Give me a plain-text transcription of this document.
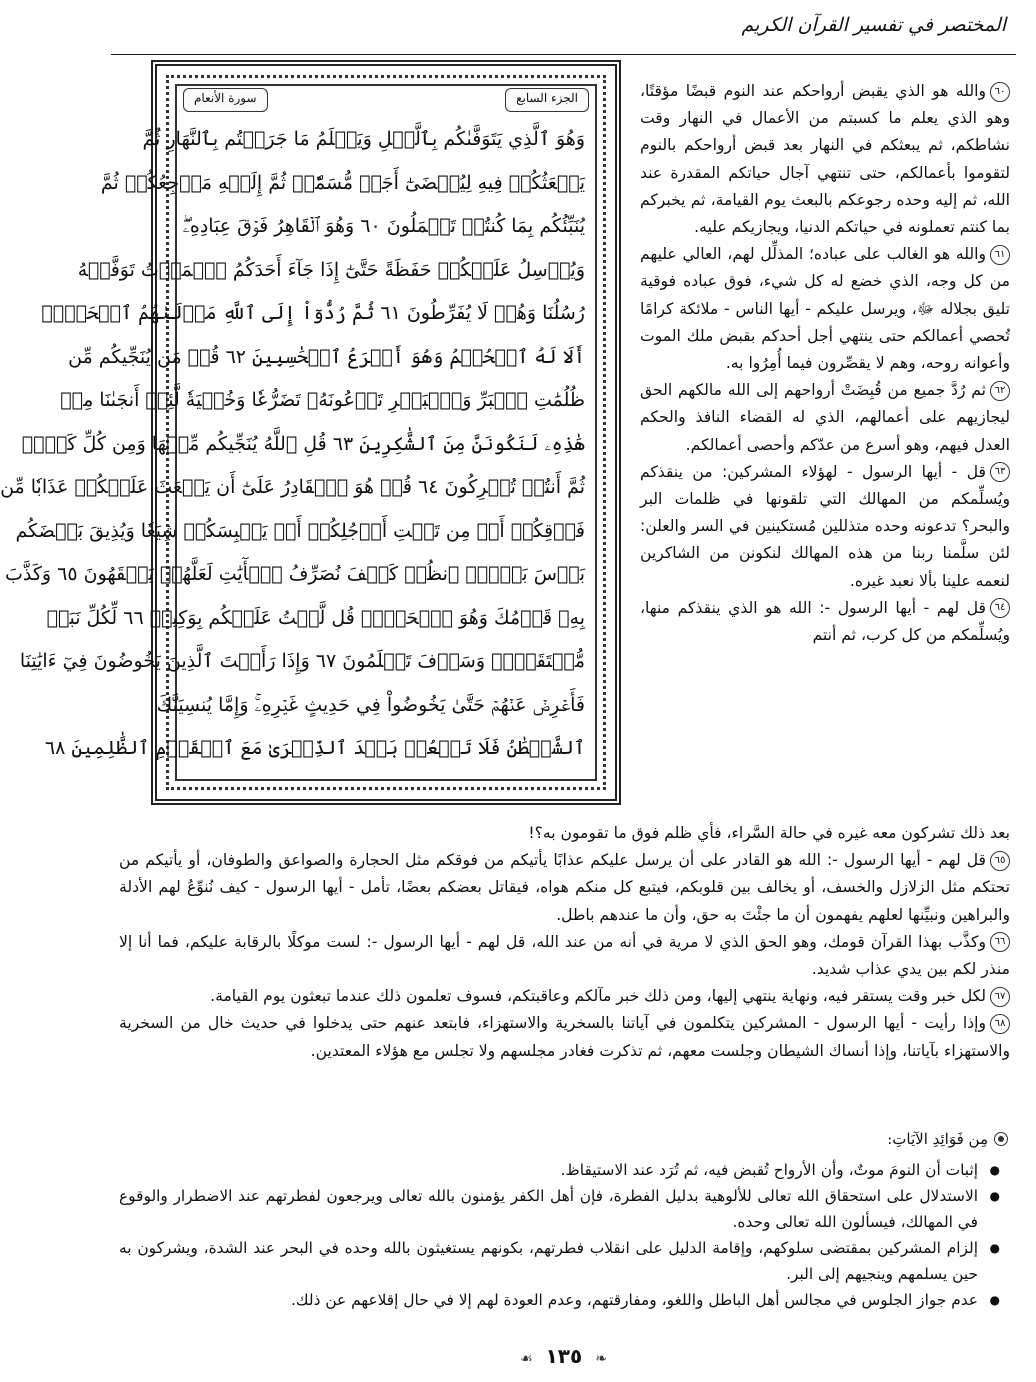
المختصر في تفسير القرآن الكريم
الجزء السابع
سورة الأنعام
وَهُوَ ٱلَّذِي يَتَوَفَّىٰكُم بِٱلَّيۡلِ وَيَعۡلَمُ مَا جَرَحۡتُم بِٱلنَّهَارِ ثُمَّ
يَبۡعَثُكُمۡ فِيهِ لِيُقۡضَىٰٓ أَجَلٞ مُّسَمّٗىۖ ثُمَّ إِلَيۡهِ مَرۡجِعُكُمۡ ثُمَّ
يُنَبِّئُكُم بِمَا كُنتُمۡ تَعۡمَلُونَ ٦٠ وَهُوَ ٱلۡقَاهِرُ فَوۡقَ عِبَادِهِۦۖ
وَيُرۡسِلُ عَلَيۡكُمۡ حَفَظَةً حَتَّىٰٓ إِذَا جَآءَ أَحَدَكُمُ ٱلۡمَوۡتُ تَوَفَّتۡهُ
رُسُلُنَا وَهُمۡ لَا يُفَرِّطُونَ ٦١ ثُمَّ رُدُّوٓاْ إِلَى ٱللَّهِ مَوۡلَىٰهُمُ ٱلۡحَقِّۚ
أَلَا لَهُ ٱلۡحُكۡمُ وَهُوَ أَسۡرَعُ ٱلۡحَٰسِبِينَ ٦٢ قُلۡ مَن يُنَجِّيكُم مِّن
ظُلُمَٰتِ ٱلۡبَرِّ وَٱلۡبَحۡرِ تَدۡعُونَهُۥ تَضَرُّعٗا وَخُفۡيَةٗ لَّئِنۡ أَنجَىٰنَا مِنۡ
هَٰذِهِۦ لَنَكُونَنَّ مِنَ ٱلشَّٰكِرِينَ ٦٣ قُلِ ٱللَّهُ يُنَجِّيكُم مِّنۡهَا وَمِن كُلِّ كَرۡبٖ
ثُمَّ أَنتُمۡ تُشۡرِكُونَ ٦٤ قُلۡ هُوَ ٱلۡقَادِرُ عَلَىٰٓ أَن يَبۡعَثَ عَلَيۡكُمۡ عَذَابٗا مِّن
فَوۡقِكُمۡ أَوۡ مِن تَحۡتِ أَرۡجُلِكُمۡ أَوۡ يَلۡبِسَكُمۡ شِيَعٗا وَيُذِيقَ بَعۡضَكُم
بَأۡسَ بَعۡضٍۗ ٱنظُرۡ كَيۡفَ نُصَرِّفُ ٱلۡأٓيَٰتِ لَعَلَّهُمۡ يَفۡقَهُونَ ٦٥ وَكَذَّبَ
بِهِۦ قَوۡمُكَ وَهُوَ ٱلۡحَقُّۚ قُل لَّسۡتُ عَلَيۡكُم بِوَكِيلٖ ٦٦ لِّكُلِّ نَبَإٖ
مُّسۡتَقَرّٞۚ وَسَوۡفَ تَعۡلَمُونَ ٦٧ وَإِذَا رَأَيۡتَ ٱلَّذِينَ يَخُوضُونَ فِيٓ ءَايَٰتِنَا
فَأَعۡرِضۡ عَنۡهُمۡ حَتَّىٰ يَخُوضُواْ فِي حَدِيثٍ غَيۡرِهِۦۚ وَإِمَّا يُنسِيَنَّكَ
ٱلشَّيۡطَٰنُ فَلَا تَقۡعُدۡ بَعۡدَ ٱلذِّكۡرَىٰ مَعَ ٱلۡقَوۡمِ ٱلظَّٰلِمِينَ ٦٨

٦٠والله هو الذي يقبض أرواحكم عند النوم قبضًا مؤقتًا، وهو الذي يعلم ما كسبتم من الأعمال في النهار وقت نشاطكم، ثم يبعثكم في النهار بعد قبض أرواحكم بالنوم لتقوموا بأعمالكم، حتى تنتهي آجال حياتكم المقدرة عند الله، ثم إليه وحده رجوعكم بالبعث يوم القيامة، ثم يخبركم بما كنتم تعملونه في حياتكم الدنيا، ويجازيكم عليه.

٦١والله هو الغالب على عباده؛ المذلِّل لهم، العالي عليهم من كل وجه، الذي خضع له كل شيء، فوق عباده فوقية تليق بجلاله ﷻ، ويرسل عليكم - أيها الناس - ملائكة كرامًا تُحصي أعمالكم حتى ينتهي أجل أحدكم بقبض ملك الموت وأعوانه روحه، وهم لا يقصِّرون فيما أُمِرُوا به.

٦٢ثم رُدَّ جميع من قُبِضَتْ أرواحهم إلى الله مالكهم الحق ليجازيهم على أعمالهم، الذي له القضاء النافذ والحكم العدل فيهم، وهو أسرع من عدّكم وأحصى أعمالكم.

٦٣قل - أيها الرسول - لهؤلاء المشركين: من ينقذكم ويُسلِّمكم من المهالك التي تلقونها في ظلمات البر والبحر؟ تدعونه وحده متذللين مُستكينين في السر والعلن: لئن سلَّمنا ربنا من هذه المهالك لنكونن من الشاكرين لنعمه علينا بألا نعبد غيره.

٦٤قل لهم - أيها الرسول -: الله هو الذي ينقذكم منها، ويُسلِّمكم من كل كرب، ثم أنتم

بعد ذلك تشركون معه غيره في حالة السَّراء، فأي ظلم فوق ما تقومون به؟!

٦٥قل لهم - أيها الرسول -: الله هو القادر على أن يرسل عليكم عذابًا يأتيكم من فوقكم مثل الحجارة والصواعق والطوفان، أو يأتيكم من تحتكم مثل الزلازل والخسف، أو يخالف بين قلوبكم، فيتبع كل منكم هواه، فيقاتل بعضكم بعضًا، تأمل - أيها الرسول - كيف نُنوِّعُ لهم الأدلة والبراهين ونبيِّنها لعلهم يفهمون أن ما جئْتَ به حق، وأن ما عندهم باطل.

٦٦وكذَّب بهذا القرآن قومك، وهو الحق الذي لا مرية في أنه من عند الله، قل لهم - أيها الرسول -: لست موكلًا بالرقابة عليكم، فما أنا إلا منذر لكم بين يدي عذاب شديد.

٦٧لكل خبر وقت يستقر فيه، ونهاية ينتهي إليها، ومن ذلك خبر مآلكم وعاقبتكم، فسوف تعلمون ذلك عندما تبعثون يوم القيامة.

٦٨وإذا رأيت - أيها الرسول - المشركين يتكلمون في آياتنا بالسخرية والاستهزاء، فابتعد عنهم حتى يدخلوا في حديث خال من السخرية والاستهزاء بآياتنا، وإذا أنساك الشيطان وجلست معهم، ثم تذكرت فغادر مجلسهم ولا تجلس مع هؤلاء المعتدين.

مِن فَوَائِدِ الآيَاتِ:
● إثبات أن النومَ موتٌ، وأن الأرواح تُقبض فيه، ثم تُرَد عند الاستيقاظ.
● الاستدلال على استحقاق الله تعالى للألوهية بدليل الفطرة، فإن أهل الكفر يؤمنون بالله تعالى ويرجعون لفطرتهم عند الاضطرار والوقوع في المهالك، فيسألون الله تعالى وحده.
● إلزام المشركين بمقتضى سلوكهم، وإقامة الدليل على انقلاب فطرتهم، بكونهم يستغيثون بالله وحده في البحر عند الشدة، ويشركون به حين يسلمهم وينجيهم إلى البر.
● عدم جواز الجلوس في مجالس أهل الباطل واللغو، ومفارقتهم، وعدم العودة لهم إلا في حال إقلاعهم عن ذلك.
❧ ١٣٥ ☙
